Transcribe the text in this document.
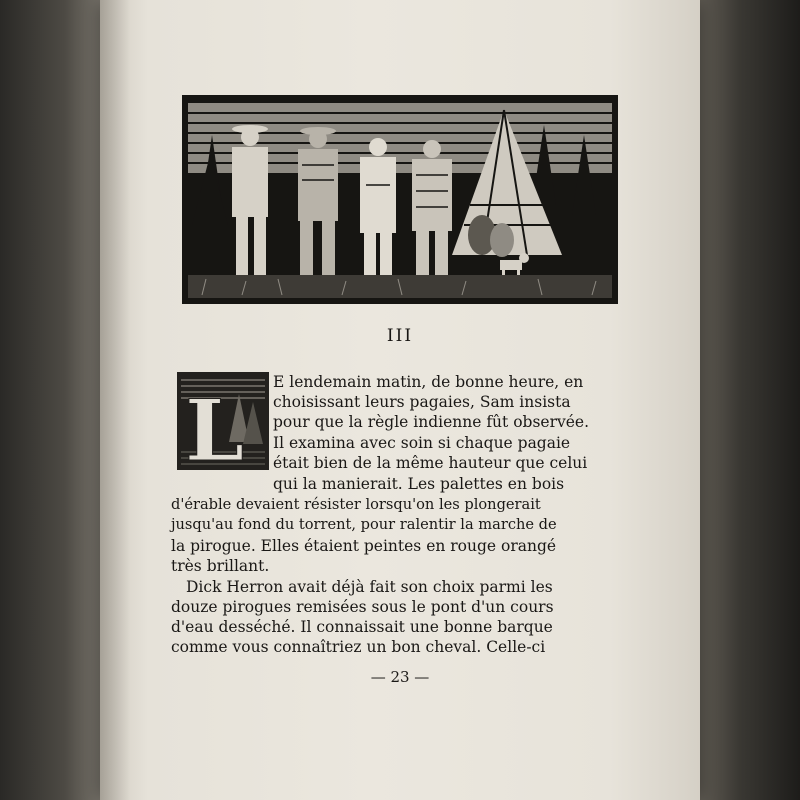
III
L E lendemain matin, de bonne heure, en
choisissant leurs pagaies, Sam insista
pour que la règle indienne fût observée.
Il examina avec soin si chaque pagaie
était bien de la même hauteur que celui
qui la manierait. Les palettes en bois
d'érable devaient résister lorsqu'on les plongerait
jusqu'au fond du torrent, pour ralentir la marche de
la pirogue. Elles étaient peintes en rouge orangé
très brillant.
Dick Herron avait déjà fait son choix parmi les
douze pirogues remisées sous le pont d'un cours
d'eau desséché. Il connaissait une bonne barque
comme vous connaîtriez un bon cheval. Celle-ci
— 23 —
